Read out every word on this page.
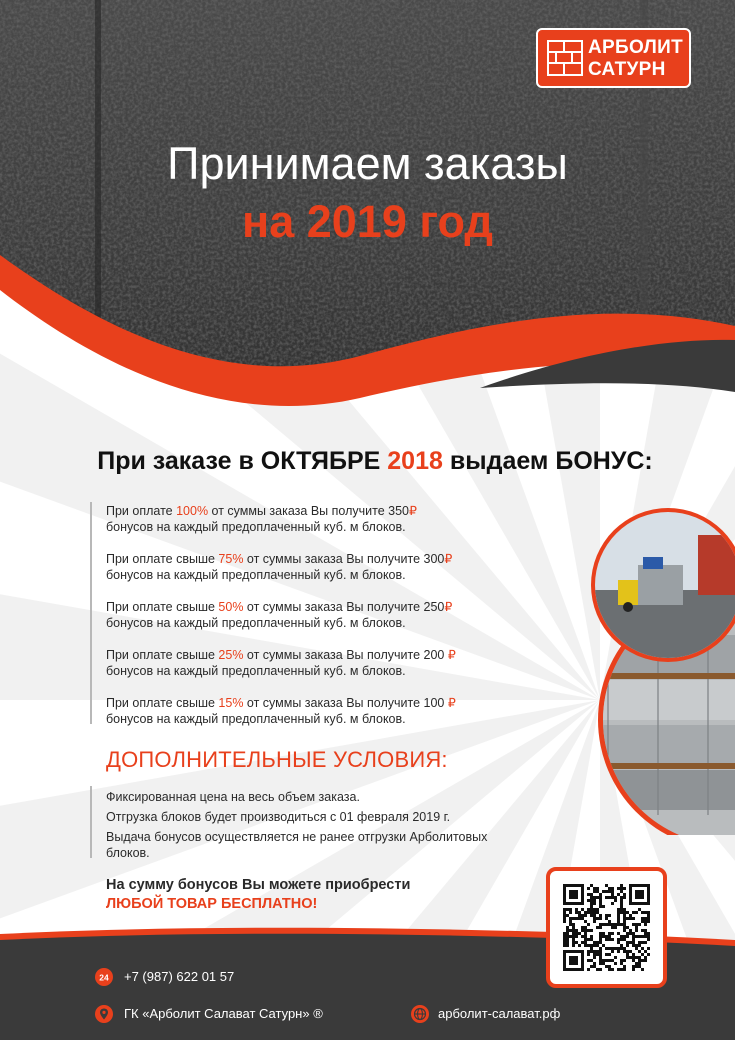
АРБОЛИТ
САТУРН
Принимаем заказы
на 2019 год
При заказе в ОКТЯБРЕ 2018 выдаем БОНУС:
При оплате 100% от суммы заказа Вы получите 350₽
бонусов на каждый предоплаченный куб. м блоков.
При оплате свыше 75% от суммы заказа Вы получите 300₽
бонусов на каждый предоплаченный куб. м блоков.
При оплате свыше 50% от суммы заказа Вы получите 250₽
бонусов на каждый предоплаченный куб. м блоков.
При оплате свыше 25% от суммы заказа Вы получите 200 ₽
бонусов на каждый предоплаченный куб. м блоков.
При оплате свыше 15% от суммы заказа Вы получите 100 ₽
бонусов на каждый предоплаченный куб. м блоков.
ДОПОЛНИТЕЛЬНЫЕ УСЛОВИЯ:
Фиксированная цена на весь объем заказа.
Отгрузка блоков будет производиться с 01 февраля 2019 г.
Выдача бонусов осуществляется не ранее отгрузки Арболитовых
блоков.
На сумму бонусов Вы можете приобрести
ЛЮБОЙ ТОВАР БЕСПЛАТНО!
24 +7 (987) 622 01 57
ГК «Арболит Салават Сатурн» ®	арболит-салават.рф
